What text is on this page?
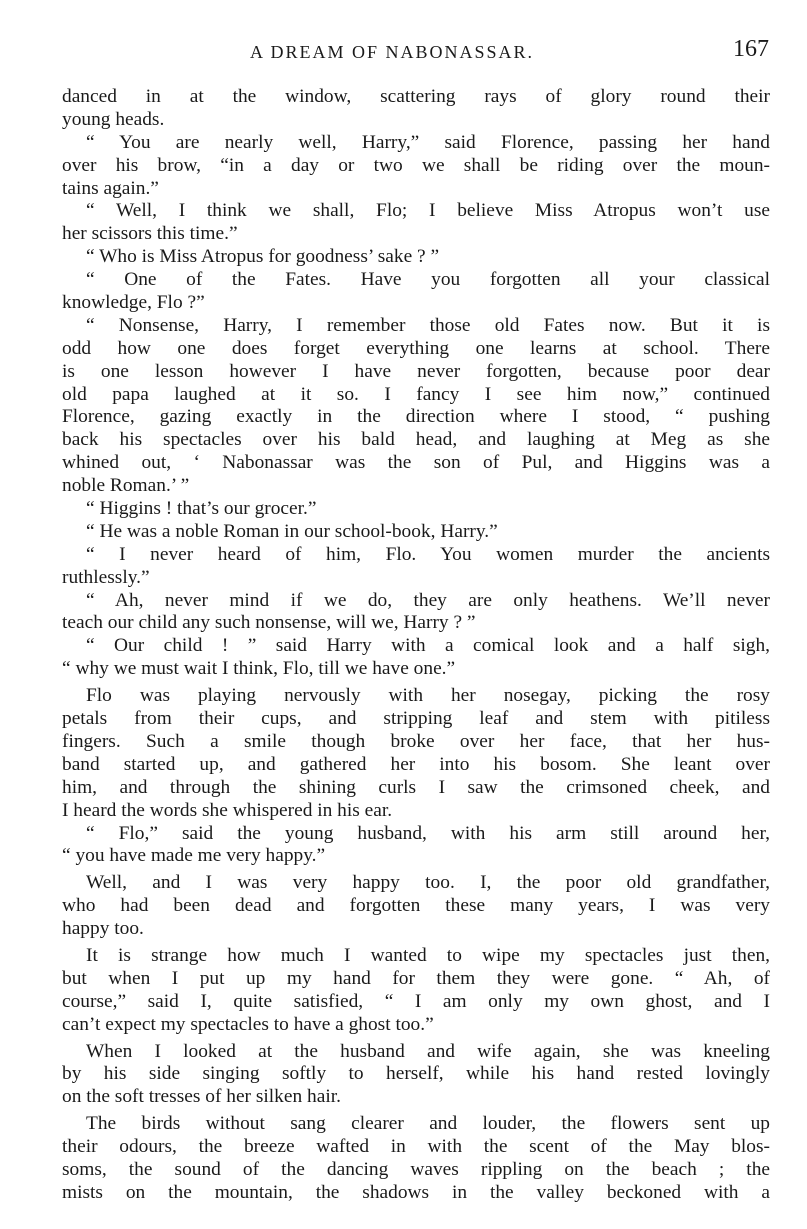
A DREAM OF NABONASSAR.	167
danced in at the window, scattering rays of glory round their
young heads.
“ You are nearly well, Harry,” said Florence, passing her hand
over his brow, “in a day or two we shall be riding over the moun-
tains again.”
“ Well, I think we shall, Flo; I believe Miss Atropus won’t use
her scissors this time.”
“ Who is Miss Atropus for goodness’ sake ? ”
“ One of the Fates. Have you forgotten all your classical
knowledge, Flo ?”
“ Nonsense, Harry, I remember those old Fates now. But it is
odd how one does forget everything one learns at school. There
is one lesson however I have never forgotten, because poor dear
old papa laughed at it so. I fancy I see him now,” continued
Florence, gazing exactly in the direction where I stood, “ pushing
back his spectacles over his bald head, and laughing at Meg as she
whined out, ‘ Nabonassar was the son of Pul, and Higgins was a
noble Roman.’ ”
“ Higgins ! that’s our grocer.”
“ He was a noble Roman in our school-book, Harry.”
“ I never heard of him, Flo. You women murder the ancients
ruthlessly.”
“ Ah, never mind if we do, they are only heathens. We’ll never
teach our child any such nonsense, will we, Harry ? ”
“ Our child ! ” said Harry with a comical look and a half sigh,
“ why we must wait I think, Flo, till we have one.”
Flo was playing nervously with her nosegay, picking the rosy
petals from their cups, and stripping leaf and stem with pitiless
fingers. Such a smile though broke over her face, that her hus-
band started up, and gathered her into his bosom. She leant over
him, and through the shining curls I saw the crimsoned cheek, and
I heard the words she whispered in his ear.
“ Flo,” said the young husband, with his arm still around her,
“ you have made me very happy.”
Well, and I was very happy too. I, the poor old grandfather,
who had been dead and forgotten these many years, I was very
happy too.
It is strange how much I wanted to wipe my spectacles just then,
but when I put up my hand for them they were gone. “ Ah, of
course,” said I, quite satisfied, “ I am only my own ghost, and I
can’t expect my spectacles to have a ghost too.”
When I looked at the husband and wife again, she was kneeling
by his side singing softly to herself, while his hand rested lovingly
on the soft tresses of her silken hair.
The birds without sang clearer and louder, the flowers sent up
their odours, the breeze wafted in with the scent of the May blos-
soms, the sound of the dancing waves rippling on the beach ; the
mists on the mountain, the shadows in the valley beckoned with a
